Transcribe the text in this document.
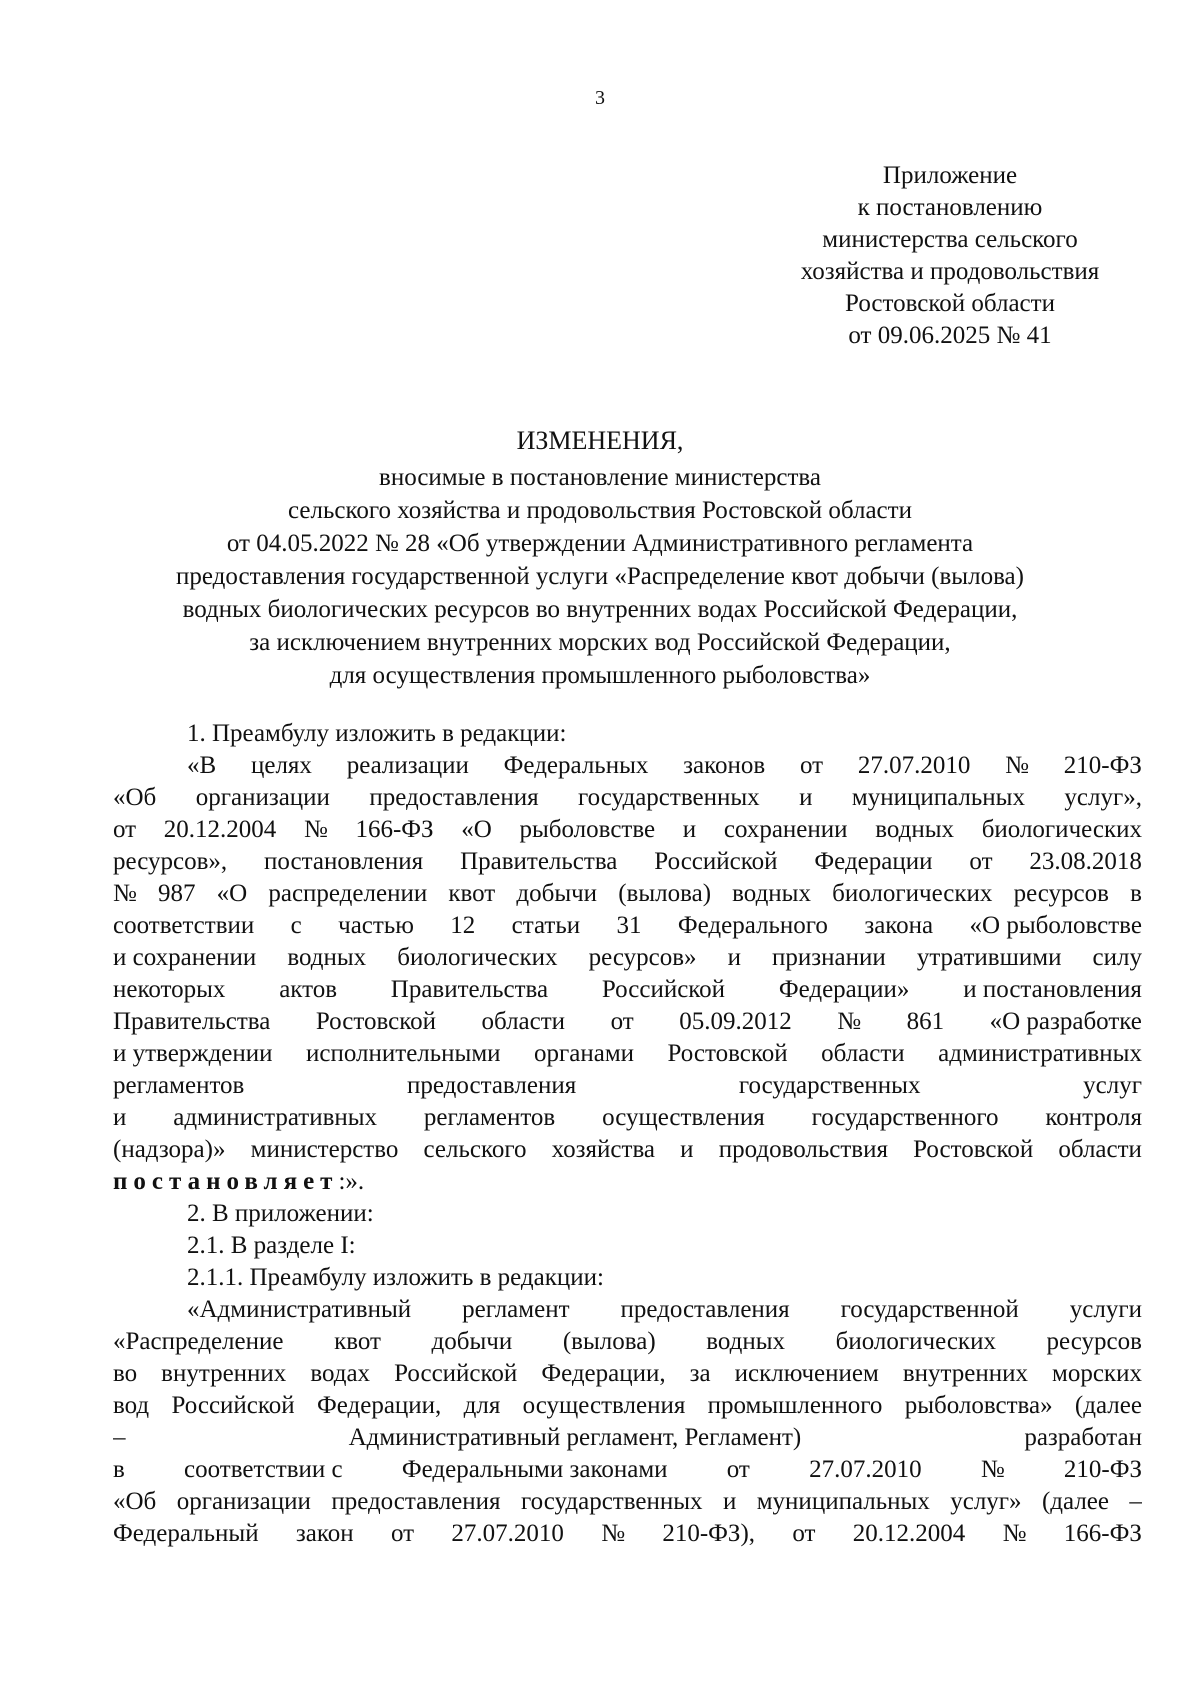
3
Приложение
к постановлению
министерства сельского
хозяйства и продовольствия
Ростовской области
от 09.06.2025 № 41
ИЗМЕНЕНИЯ,
вносимые в постановление министерства
сельского хозяйства и продовольствия Ростовской области
от 04.05.2022 № 28 «Об утверждении Административного регламента
предоставления государственной услуги «Распределение квот добычи (вылова)
водных биологических ресурсов во внутренних водах Российской Федерации,
за исключением внутренних морских вод Российской Федерации,
для осуществления промышленного рыболовства»
1. Преамбулу изложить в редакции:
«В целях реализации Федеральных законов от 27.07.2010 № 210-ФЗ
«Об организации предоставления государственных и муниципальных услуг»,
от 20.12.2004 № 166-ФЗ «О рыболовстве и сохранении водных биологических
ресурсов», постановления Правительства Российской Федерации от 23.08.2018
№ 987 «О распределении квот добычи (вылова) водных биологических ресурсов в
соответствии с частью 12 статьи 31 Федерального закона «О рыболовстве
и сохранении водных биологических ресурсов» и признании утратившими силу
некоторых актов Правительства Российской Федерации» и постановления
Правительства Ростовской области от 05.09.2012 № 861 «О разработке
и утверждении исполнительными органами Ростовской области административных
регламентов	предоставления	государственных	услуг
и административных регламентов осуществления государственного контроля
(надзора)» министерство сельского хозяйства и продовольствия Ростовской области
постановляет:».
2. В приложении:
2.1. В разделе I:
2.1.1. Преамбулу изложить в редакции:
«Административный регламент предоставления государственной услуги
«Распределение квот добычи (вылова) водных биологических ресурсов
во внутренних водах Российской Федерации, за исключением внутренних морских
вод Российской Федерации, для осуществления промышленного рыболовства» (далее
–	Административный регламент, Регламент)	разработан
в соответствии с Федеральными законами от 27.07.2010 № 210-ФЗ
«Об организации предоставления государственных и муниципальных услуг» (далее –
Федеральный закон от 27.07.2010 № 210-ФЗ), от 20.12.2004 № 166-ФЗ
